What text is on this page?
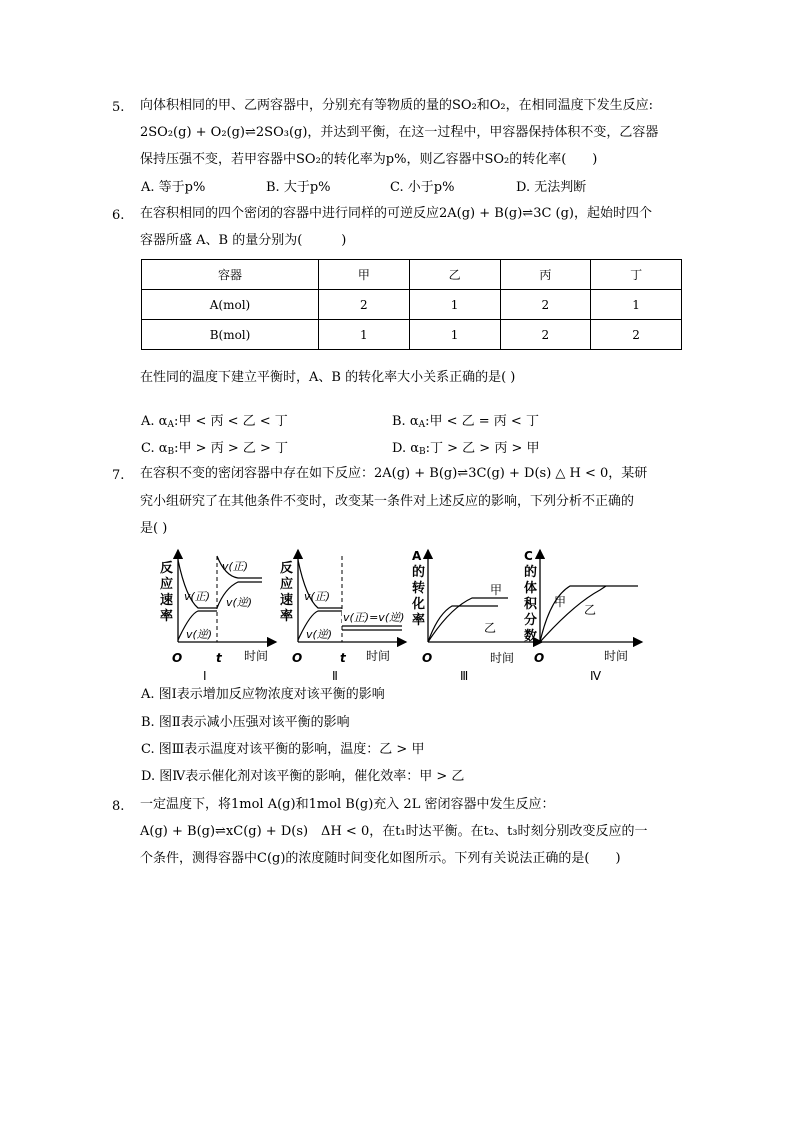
5. 向体积相同的甲、乙两容器中，分别充有等物质的量的SO₂和O₂，在相同温度下发生反应:
2SO₂(g) + O₂(g)⇌2SO₃(g)，并达到平衡，在这一过程中，甲容器保持体积不变，乙容器
保持压强不变，若甲容器中SO₂的转化率为p%，则乙容器中SO₂的转化率(　　)
A. 等于p%	B. 大于p%	C. 小于p%	D. 无法判断
6. 在容积相同的四个密闭的容器中进行同样的可逆反应2A(g) + B(g)⇌3C (g)，起始时四个
容器所盛 A、B 的量分别为(　　　)
容器	甲	乙	丙	丁
A(mol)	2	1	2	1
B(mol)	1	1	2	2
在性同的温度下建立平衡时，A、B 的转化率大小关系正确的是( )
7. 在容积不变的密闭容器中存在如下反应：2A(g) + B(g)⇌3C(g) + D(s) △ H < 0，某研
究小组研究了在其他条件不变时，改变某一条件对上述反应的影响，下列分析不正确的
是( )
反
应
速
率
v(正)
v(逆)
v(正)
v(逆)
O	t 时间
Ⅰ
反
应
速
率
v(正)
v(逆)
v(正)=v(逆)
O	t 时间
Ⅱ
A
的
转
化
率
甲
乙
O	时间
Ⅲ
C
的
体
积
分
数
甲
乙
O	时间
Ⅳ
A. 图Ⅰ表示增加反应物浓度对该平衡的影响
B. 图Ⅱ表示减小压强对该平衡的影响
C. 图Ⅲ表示温度对该平衡的影响，温度：乙 > 甲
D. 图Ⅳ表示催化剂对该平衡的影响，催化效率：甲 > 乙
8. 一定温度下，将1mol A(g)和1mol B(g)充入 2L 密闭容器中发生反应：
A(g) + B(g)⇌xC(g) + D(s)　ΔH < 0，在t₁时达平衡。在t₂、t₃时刻分别改变反应的一
个条件，测得容器中C(g)的浓度随时间变化如图所示。下列有关说法正确的是(　　)
A. $\alpha_A$:甲 < 丙 < 乙 < 丁	B. $\alpha_A$:甲 < 乙 = 丙 < 丁
C. $\alpha_B$:甲 > 丙 > 乙 > 丁	D. $\alpha_B$:丁 > 乙 > 丙 > 甲
